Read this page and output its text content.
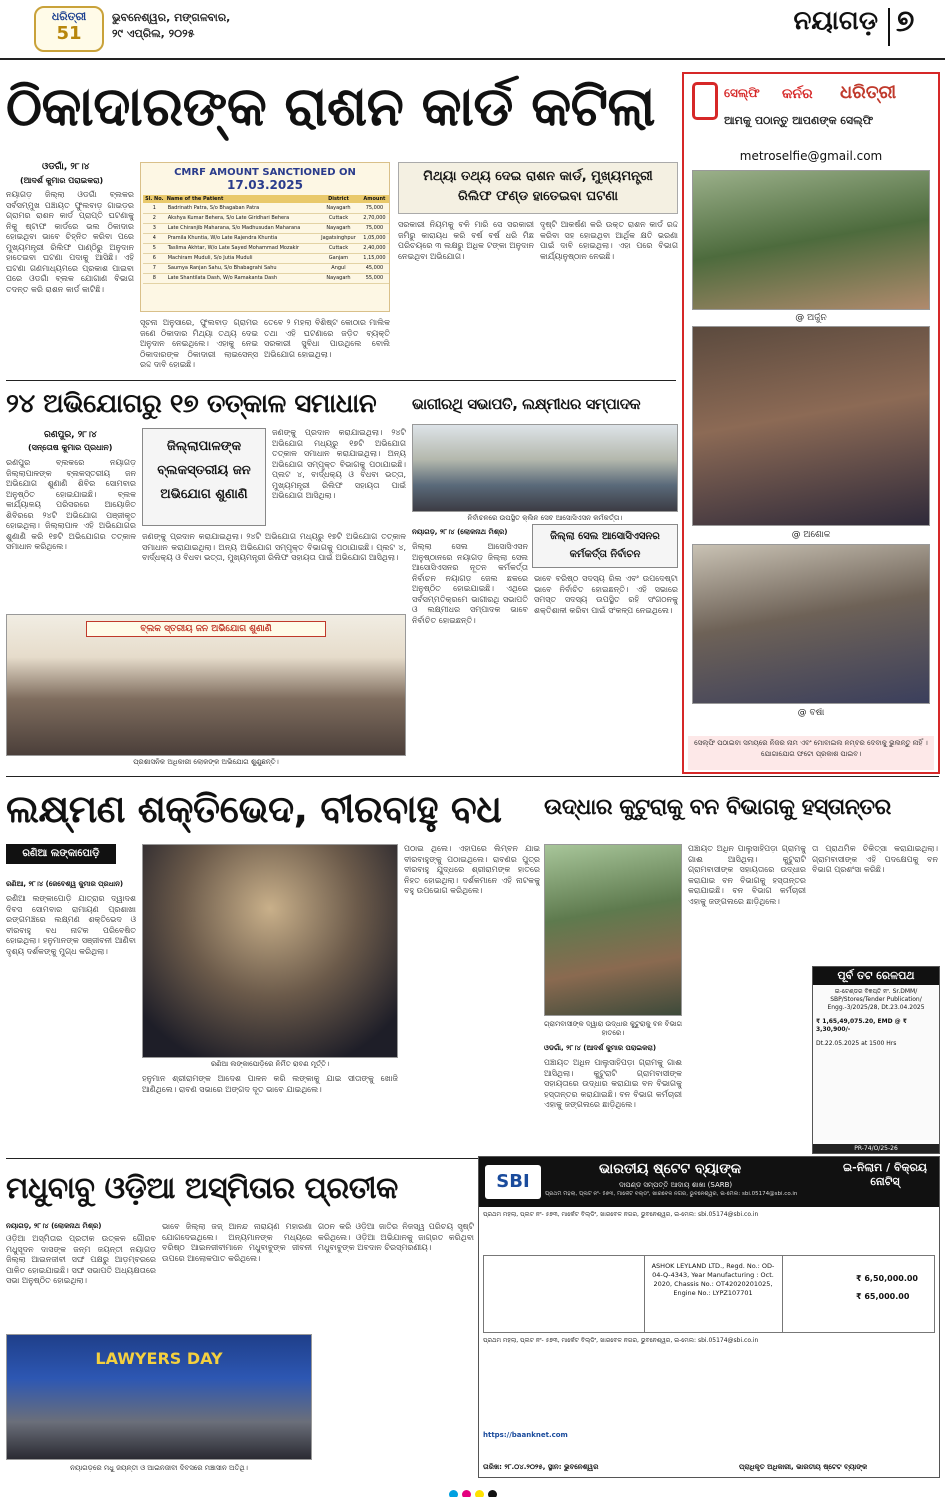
ଧରିତ୍ରୀ
51
ଭୁବନେଶ୍ୱର, ମଙ୍ଗଳବାର,
୨୯ ଏପ୍ରିଲ, ୨୦୨୫	ନୟାଗଡ଼ ୭
ଠିକାଦାରଙ୍କ ରାଶନ କାର୍ଡ କଟିଲା
ଓଡଗାଁ, ୨୮।୪
(ଆଦର୍ଶ କୁମାର ପରାଇକରା)
ନୟାଗଡ଼ ଜିଲ୍ଲା ଓଡଗାଁ ବ୍ଲକର ସର୍ବସମ୍ମୁଖ ପଞ୍ଚାୟତ ଫୁଲବାଡ଼ ଗାଇଡ଼ର ଗ୍ରାମର ରାଶନ କାର୍ଡ ପ୍ରାପ୍ତି ଘଟଣାକୁ ନିକୁ ଷ୍ଟାଫ କାର୍ଡରେ ଭଲ ଠିକାଦାର ହୋଇଥିବା ଭାବେ ଚିହ୍ନିତ କରିବା ପରେ ମୁଖ୍ୟମନ୍ତ୍ରୀ ରିଲିଫ ପାଣ୍ଠିରୁ ଅନୁଦାନ ହାତେଇବା ଘଟଣା ପଦାକୁ ଆସିଛି। ଏହି ଘଟଣା ଗଣମାଧ୍ୟମରେ ପ୍ରକାଶ ପାଇବା ପରେ ଓଡଗାଁ ବ୍ଲକ ଯୋଗାଣ ବିଭାଗ ତଦନ୍ତ କରି ରାଶନ କାର୍ଡ କାଟିଛି।
CMRF AMOUNT SANCTIONED ON
17.03.2025
Sl. No.	Name of the Patient	District	Amount
1	Badrinath Patra, S/o Bhagaban Patra	Nayagarh	75,000
2	Akshya Kumar Behera, S/o Late Giridhari Behera	Cuttack	2,70,000
3	Late Chiranjib Maharana, S/o Madhusudan Maharana	Nayagarh	75,000
4	Pramila Khuntia, W/o Late Rajendra Khuntia	Jagatsinghpur	1,05,000
5	Taslima Akhtar, W/o Late Sayed Mohammad Mozakir	Cuttack	2,40,000
6	Machiram Muduli, S/o Jutia Muduli	Ganjam	1,15,000
7	Saumya Ranjan Sahu, S/o Bhabagrahi Sahu	Angul	45,000
8	Late Shantilata Dash, W/o Ramakanta Dash	Nayagarh	55,000
ସୂଚନା ଅନୁସାରେ, ଫୁଲବାଡ଼ ଗ୍ରାମର ଜଣେ ଠିକାଦାର ମିଥ୍ୟା ତଥ୍ୟ ଦେଇ ଅନୁଦାନ ନେଇଥିଲେ। ଏହାକୁ ନେଇ ଠିକାଦାରଙ୍କ ଠିକାଦାରୀ ଲାଇସେନ୍ସ ରଦ୍ଦ ଦାବି ହୋଇଛି।
ତେବେ ୨ ମହଲା ବିଶିଷ୍ଟ କୋଠାର ମାଲିକ ତଥା ଏହି ଘଟଣାରେ ଜଡ଼ିତ ବ୍ୟକ୍ତି ସରକାରୀ ସୁବିଧା ପାଉଥିଲେ ବୋଲି ଅଭିଯୋଗ ହୋଇଥିଲା।
ମିଥ୍ୟା ତଥ୍ୟ ଦେଇ ରାଶନ କାର୍ଡ, ମୁଖ୍ୟମନ୍ତ୍ରୀ ରିଲିଫ ଫଣ୍ଡ ହାତେଇବା ଘଟଣା
ସରକାରୀ ନିୟମକୁ ବଳି ମାରି ସେ ସରକାରୀ ଜମିରୁ କାରାୟଧ କରି ବର୍ଷ ବର୍ଷ ଧରି ମିଛ ପରିଚୟରେ ୩ ଲକ୍ଷରୁ ଅଧିକ ଟଙ୍କା ଅନୁଦାନ ନେଇଥିବା ଅଭିଯୋଗ।
ଦୃଷ୍ଟି ଆକର୍ଷଣ କରି ଉକ୍ତ ରାଶନ କାର୍ଡ ରଦ୍ଦ କରିବା ସହ ହୋଇଥିବା ଆର୍ଥିକ କ୍ଷତି ଭରଣା ପାଇଁ ଦାବି ହୋଇଥିଲା। ଏହା ପରେ ବିଭାଗ କାର୍ଯ୍ୟାନୁଷ୍ଠାନ ନେଇଛି।
ସେଲ୍ଫି କର୍ନର ଧରିତ୍ରୀ
ଆମକୁ ପଠାନ୍ତୁ ଆପଣଙ୍କ ସେଲ୍ଫି
metroselfie@gmail.com
@ ଅର୍ଜୁନ
@ ଅଶୋକ
@ ବର୍ଷା
ସେଲ୍ଫି ପଠାଇବା ସମୟରେ ନିଜର ନାମ ଏବଂ ମୋବାଇଲ ନମ୍ବର ଦେବାକୁ ଭୁଲନ୍ତୁ ନାହିଁ । ଯୋଗାଯୋଗ ଫଟୋ ପ୍ରକାଶ ପାଇବ।
୨୪ ଅଭିଯୋଗରୁ ୧୭ ତତ୍କାଳ ସମାଧାନ
ରଣପୁର, ୨୮।୪
(ସନ୍ତୋଷ କୁମାର ପ୍ରଧାନ)	ଜିଲ୍ଲାପାଳଙ୍କ ବ୍ଲକସ୍ତରୀୟ ଜନ ଅଭିଯୋଗ ଶୁଣାଣି
ରଣପୁର ବ୍ଲକରେ ନୟାଗଡ଼ ଜିଲ୍ଲାପାଳଙ୍କ ବ୍ଲକସ୍ତରୀୟ ଜନ ଅଭିଯୋଗ ଶୁଣାଣି ଶିବିର ସୋମବାର ଅନୁଷ୍ଠିତ ହୋଇଯାଇଛି। ବ୍ଲକ କାର୍ଯ୍ୟାଳୟ ପରିସରରେ ଆୟୋଜିତ ଶିବିରରେ ୨୪ଟି ଅଭିଯୋଗ ପଞ୍ଜୀକୃତ ହୋଇଥିଲା। ଜିଲ୍ଲାପାଳ ଏହି ଅଭିଯୋଗର ଶୁଣାଣି କରି ୧୭ଟି ଅଭିଯୋଗର ତତ୍କାଳ ସମାଧାନ କରିଥିଲେ।
ଜଣଙ୍କୁ ପ୍ରଦାନ କରାଯାଇଥିଲା। ୨୪ଟି ଅଭିଯୋଗ ମଧ୍ୟରୁ ୧୭ଟି ଅଭିଯୋଗ ତତ୍କାଳ ସମାଧାନ କରାଯାଇଥିଲା। ଅନ୍ୟ ଅଭିଯୋଗ ସମ୍ପୃକ୍ତ ବିଭାଗକୁ ପଠାଯାଇଛି। ପ୍ଲଟ ୪, ବାର୍ଦ୍ଧକ୍ୟ ଓ ବିଧବା ଭତ୍ତା, ମୁଖ୍ୟମନ୍ତ୍ରୀ ରିଲିଫ ସହାୟତା ପାଇଁ ଅଭିଯୋଗ ଆସିଥିଲା।
ଜଣଙ୍କୁ ପ୍ରଦାନ କରାଯାଇଥିଲା। ୨୪ଟି ଅଭିଯୋଗ ମଧ୍ୟରୁ ୧୭ଟି ଅଭିଯୋଗ ତତ୍କାଳ ସମାଧାନ କରାଯାଇଥିଲା। ଅନ୍ୟ ଅଭିଯୋଗ ସମ୍ପୃକ୍ତ ବିଭାଗକୁ ପଠାଯାଇଛି। ପ୍ଲଟ ୪, ବାର୍ଦ୍ଧକ୍ୟ ଓ ବିଧବା ଭତ୍ତା, ମୁଖ୍ୟମନ୍ତ୍ରୀ ରିଲିଫ ସହାୟତା ପାଇଁ ଅଭିଯୋଗ ଆସିଥିଲା।
ବ୍ଲକ ସ୍ତରୀୟ ଜନ ଅଭିଯୋଗ ଶୁଣାଣି
ପ୍ରଶାସନିକ ଅଧିକାରୀ ଲୋକଙ୍କ ଅଭିଯୋଗ ଶୁଣୁଛନ୍ତି।
ଭାଗୀରଥି ସଭାପତି, ଲକ୍ଷ୍ମୀଧର ସମ୍ପାଦକ
ନିର୍ବାଚନରେ ଉପସ୍ଥିତ କ୍ଲିନ ସେବ ଆସୋସିଏସନ କର୍ମକର୍ତ୍ତା।
ନୟାଗଡ଼, ୨୮।୪ (ଲୋକନାଥ ମିଶ୍ର)	ଜିଲ୍ଲା ସେଲ ଆସୋସିଏସନର କର୍ମକର୍ତ୍ତା ନିର୍ବାଚନ
ଜିଲ୍ଲା ସେଲ ଆସୋସିଏସନ ଅନୁଷ୍ଠାନରେ ନୟାଗଡ଼ ଜିଲ୍ଲା ସେଲ ଆସୋସିଏସନର ନୂତନ କର୍ମକର୍ତ୍ତା ନିର୍ବାଚନ ନୟାଗଡ଼ ଜେଲ ଛକରେ ଅନୁଷ୍ଠିତ ହୋଇଯାଇଛି। ଏଥିରେ ସର୍ବସମ୍ମତିକ୍ରମେ ଭାଗୀରଥି ସଭାପତି ଓ ଲକ୍ଷ୍ମୀଧର ସମ୍ପାଦକ ଭାବେ ନିର୍ବାଚିତ ହୋଇଛନ୍ତି।
ଭାବେ ବରିଷ୍ଠ ସଦସ୍ୟ ରିଲ ଏବଂ ଉପଦେଷ୍ଟା ଭାବେ ନିର୍ବାଚିତ ହୋଇଛନ୍ତି। ଏହି ସଭାରେ ସମସ୍ତ ସଦସ୍ୟ ଉପସ୍ଥିତ ରହି ସଂଗଠନକୁ ଶକ୍ତିଶାଳୀ କରିବା ପାଇଁ ସଂକଳ୍ପ ନେଇଥିଲେ।
ଲକ୍ଷ୍ମଣ ଶକ୍ତିଭେଦ, ବୀରବାହୁ ବଧ
ରଣିଆ ଲଙ୍କାପୋଡ଼ି
ରଣିଆ, ୨୮।୪ (ଜେବେଶ୍ୱ କୁମାର ପ୍ରଧାନ)
ରଣିଆ ଲଙ୍କାପୋଡ଼ି ଯାତ୍ରାର ଦ୍ୱାଦଶ ଦିବସ ସୋମବାର ରାମାୟଣ ପ୍ରଶାଖା ରଙ୍ଗମଞ୍ଚରେ ଲକ୍ଷ୍ମଣ ଶକ୍ତିଭେଦ ଓ ବୀରବାହୁ ବଧ ନାଟକ ପରିବେଷିତ ହୋଇଥିଲା। ହନୁମାନଙ୍କ ସଞ୍ଜୀବନୀ ଆଣିବା ଦୃଶ୍ୟ ଦର୍ଶକଙ୍କୁ ମୁଗ୍ଧ କରିଥିଲା।
ରଣିଆ ଲଙ୍କାପୋଡ଼ିରେ ନିର୍ମିତ ରାବଣ ମୂର୍ତ୍ତି।
ହନୁମାନ ଶ୍ରୀରାମଙ୍କ ଆଦେଶ ପାଳନ କରି ଲଙ୍କାକୁ ଯାଇ ସୀତାଙ୍କୁ ଖୋଜି ଆଣିଥିଲେ। ରାବଣ ସଭାରେ ଅଙ୍ଗଦ ଦୂତ ଭାବେ ଯାଇଥିଲେ।
ପଠାଇ ଥିଲେ। ଏହାପରେ ଲିମ୍ବନ ଯାଇ ବୀରବାହୁଙ୍କୁ ପଠାଇଥିଲେ। ରାବଣର ପୁତ୍ର ବୀରବାହୁ ଯୁଦ୍ଧରେ ଶ୍ରୀରାମଙ୍କ ହାତରେ ନିହତ ହୋଇଥିଲା। ଦର୍ଶକମାନେ ଏହି ନାଟକକୁ ବହୁ ଉପଭୋଗ କରିଥିଲେ।
ଉଦ୍ଧାର କୁଟୁରାକୁ ବନ ବିଭାଗକୁ ହସ୍ତାନ୍ତର
ଗ୍ରାମବାସୀଙ୍କ ଦ୍ୱାରା ଉଦ୍ଧାର କୁଟୁରାକୁ ବନ ବିଭାଗ ହାତରେ।
ଓଡଗାଁ, ୨୮।୪ (ଆଦର୍ଶ କୁମାର ପରାଇକରା)
ପଞ୍ଚାୟତ ଅଧିନ ପାଲୁସାହିପଡ଼ା ଗ୍ରାମକୁ ଗାଈ ଆସିଥିଲା। କୁଟୁରାଟି ଗ୍ରାମବାସୀଙ୍କ ସହାୟତାରେ ଉଦ୍ଧାର କରାଯାଇ ବନ ବିଭାଗକୁ ହସ୍ତାନ୍ତର କରାଯାଇଛି। ବନ ବିଭାଗ କର୍ମଚାରୀ ଏହାକୁ ଜଙ୍ଗଲରେ ଛାଡ଼ିଥିଲେ।
ତା ପ୍ରାଥମିକ ଚିକିତ୍ସା କରାଯାଇଥିଲା। ଗ୍ରାମବାସୀଙ୍କ ଏହି ପଦକ୍ଷେପକୁ ବନ ବିଭାଗ ପ୍ରଶଂସା କରିଛି।
ପଞ୍ଚାୟତ ଅଧିନ ପାଲୁସାହିପଡ଼ା ଗ୍ରାମକୁ ଗାଈ ଆସିଥିଲା। କୁଟୁରାଟି ଗ୍ରାମବାସୀଙ୍କ ସହାୟତାରେ ଉଦ୍ଧାର କରାଯାଇ ବନ ବିଭାଗକୁ ହସ୍ତାନ୍ତର କରାଯାଇଛି। ବନ ବିଭାଗ କର୍ମଚାରୀ ଏହାକୁ ଜଙ୍ଗଲରେ ଛାଡ଼ିଥିଲେ।
ପୂର୍ବ ତଟ ରେଳପଥ
ଇ-ଟେଣ୍ଡର ବିଜ୍ଞପ୍ତି ନଂ. Sr.DMM/ SBP/Stores/Tender Publication/ Engg.-3/2025/28, Dt.23.04.2025
₹ 1,65,49,075.20, EMD @ ₹ 3,30,900/-
Dt.22.05.2025 at 1500 Hrs
PR-74/O/25-26
ମଧୁବାବୁ ଓଡ଼ିଆ ଅସ୍ମିତାର ପ୍ରତୀକ
ନୟାଗଡ଼, ୨୮।୪ (ଲୋକନାଥ ମିଶ୍ର)
ଓଡ଼ିଆ ଅସ୍ମିତାର ପ୍ରତୀକ ଉତ୍କଳ ଗୌରବ ମଧୁସୂଦନ ଦାସଙ୍କ ଜନ୍ମ ଜୟନ୍ତୀ ନୟାଗଡ଼ ଜିଲ୍ଲା ଆଇନଜୀବୀ ସଙ୍ଘ ପକ୍ଷରୁ ଆଡ଼ମ୍ବରରେ ପାଳିତ ହୋଇଯାଇଛି। ସଙ୍ଘ ସଭାପତି ଅଧ୍ୟକ୍ଷତାରେ ସଭା ଅନୁଷ୍ଠିତ ହୋଇଥିଲା।
ଭାବେ ଜିଲ୍ଲା ଜଜ୍ ଆନନ୍ଦ ନାରାୟଣ ମହାରଣା ଯୋଗଦେଇଥିଲେ। ଅନ୍ୟମାନଙ୍କ ମଧ୍ୟରେ ବରିଷ୍ଠ ଆଇନଜୀବୀମାନେ ମଧୁବାବୁଙ୍କ ଜୀବନୀ ଉପରେ ଆଲୋକପାତ କରିଥିଲେ।
ଗଠନ କରି ଓଡ଼ିଆ ଜାତିର ନିଜସ୍ୱ ପରିଚୟ ସୃଷ୍ଟି କରିଥିଲେ। ଓଡ଼ିଆ ଅଭିଯାନକୁ ଜାଗ୍ରତ କରିଥିବା ମଧୁବାବୁଙ୍କ ଅବଦାନ ଚିରସ୍ମରଣୀୟ।
LAWYERS DAY
ନୟାଗଡ଼ରେ ମଧୁ ଜୟନ୍ତୀ ଓ ଆଇନଜୀବୀ ଦିବସରେ ମଞ୍ଚାସୀନ ଅତିଥି।
SBI
ଭାରତୀୟ ଷ୍ଟେଟ ବ୍ୟାଙ୍କ
ଦାପଣ୍ଡ ସମ୍ପତ୍ତି ଆଦାୟ ଶାଖା (SARB)
ଇ-ନିଲାମ / ବିକ୍ରୟ ନୋଟିସ୍
ପ୍ରଥମ ମହଲା, ପ୍ଲଟ ନଂ- ୫୭୩, ମାର୍କେଟ ବିଲ୍ଡିଂ, ଖାରବେଳ ନଗର, ଭୁବନେଶ୍ୱର, ଇ-ମେଲ: sbi.05174@sbi.co.in
ପ୍ରଥମ ମହଲା, ପ୍ଲଟ ନଂ- ୫୭୩, ମାର୍କେଟ ବିଲ୍ଡିଂ, ଖାରବେଳ ନଗର, ଭୁବନେଶ୍ୱର, ଇ-ମେଲ: sbi.05174@sbi.co.in
ASHOK LEYLAND LTD., Regd. No.: OD-04-Q-4343, Year Manufacturing : Oct. 2020, Chassis No.: OT42020201025, Engine No.: LYPZ107701
₹ 6,50,000.00
₹ 65,000.00
ପ୍ରଥମ ମହଲା, ପ୍ଲଟ ନଂ- ୫୭୩, ମାର୍କେଟ ବିଲ୍ଡିଂ, ଖାରବେଳ ନଗର, ଭୁବନେଶ୍ୱର, ଇ-ମେଲ: sbi.05174@sbi.co.in
https://baanknet.com
ତାରିଖ: ୨୮.୦୪.୨୦୨୫, ସ୍ଥାନ: ଭୁବନେଶ୍ୱର	ପ୍ରାଧିକୃତ ଅଧିକାରୀ, ଭାରତୀୟ ଷ୍ଟେଟ ବ୍ୟାଙ୍କ
